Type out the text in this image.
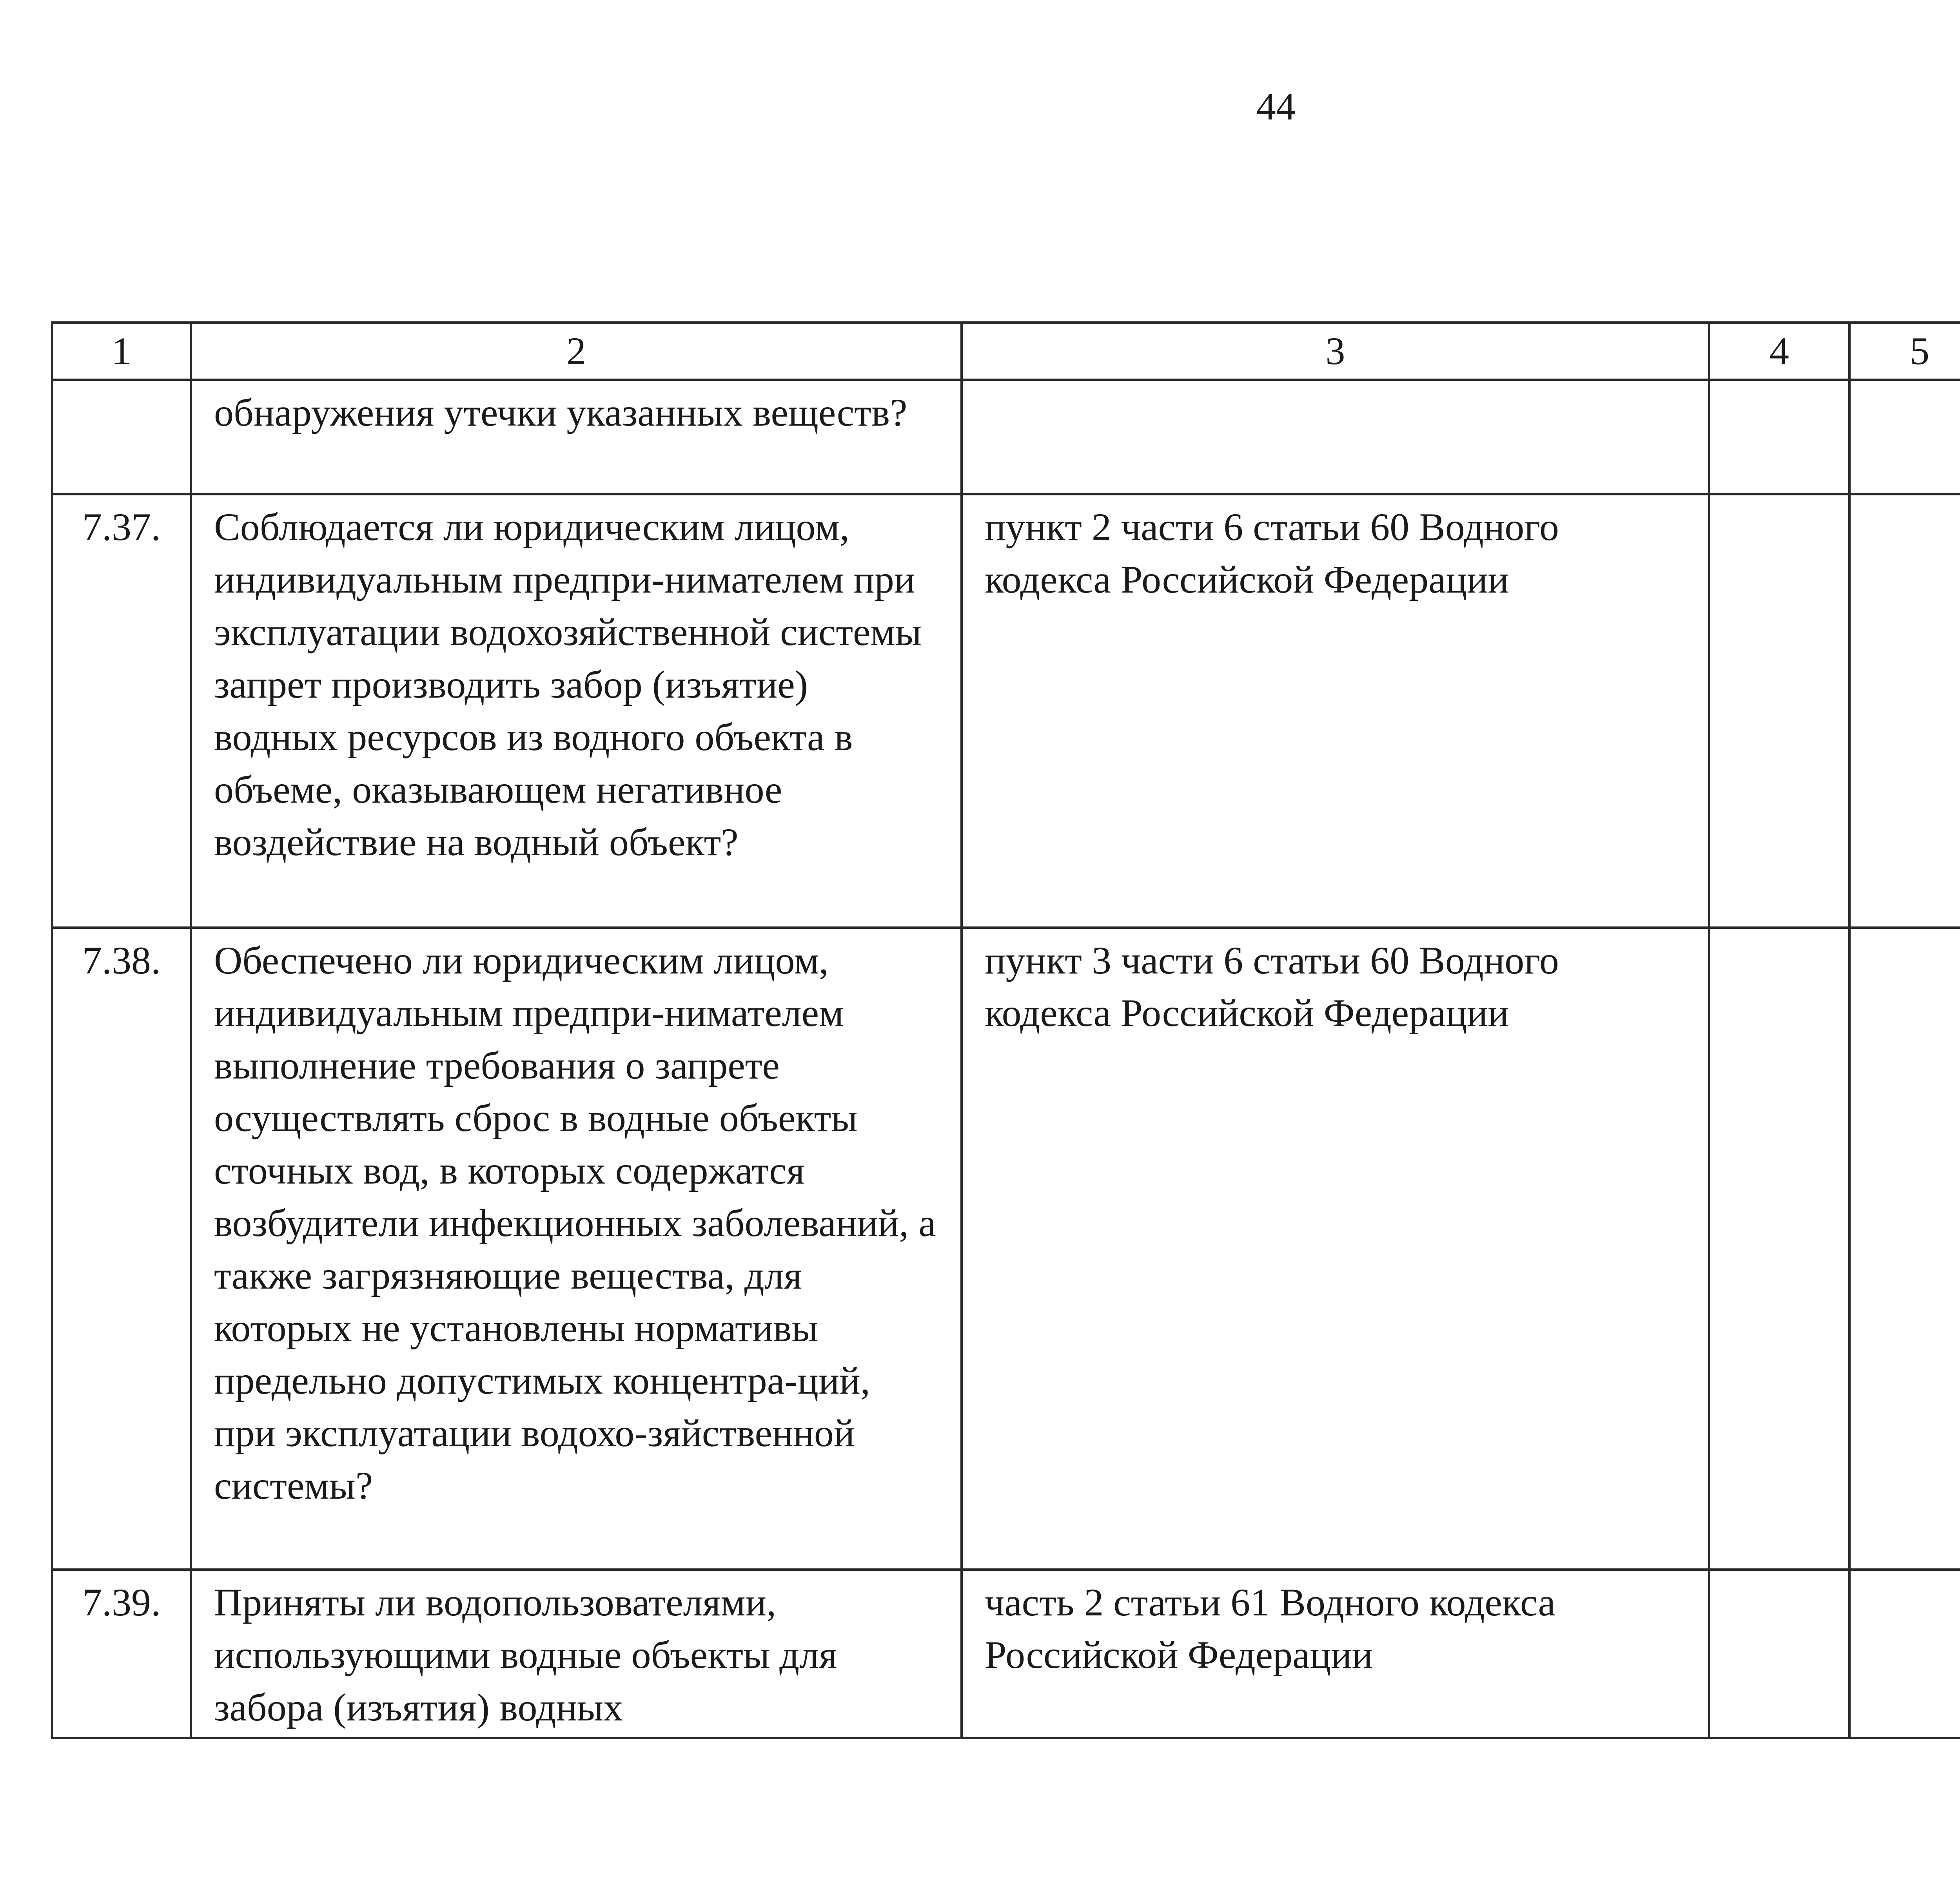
44
1	2	3	4	5		
	обнаружения утечки указанных веществ?					
7.37.	Соблюдается ли юридическим лицом, индивидуальным предпри-нимателем при эксплуатации водохозяйственной системы запрет производить забор (изъятие) водных ресурсов из водного объекта в объеме, оказывающем негативное воздействие на водный объект?	пункт 2 части 6 статьи 60 Водного кодекса Российской Федерации				
7.38.	Обеспечено ли юридическим лицом, индивидуальным предпри-нимателем выполнение требования о запрете осуществлять сброс в водные объекты сточных вод, в которых содержатся возбудители инфекционных заболеваний, а также загрязняющие вещества, для которых не установлены нормативы предельно допустимых концентра-ций, при эксплуатации водохо-зяйственной системы?	пункт 3 части 6 статьи 60 Водного кодекса Российской Федерации				
7.39.	Приняты ли водопользователями, использующими водные объекты для забора (изъятия) водных	часть 2 статьи 61 Водного кодекса Российской Федерации				
